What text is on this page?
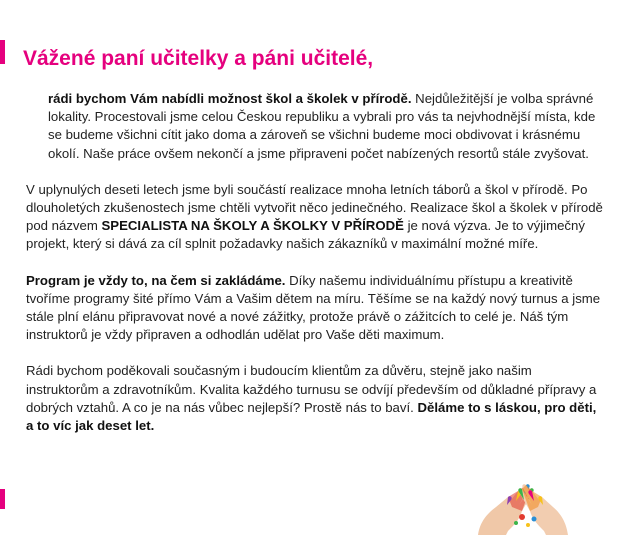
Vážené paní učitelky a páni učitelé,

rádi bychom Vám nabídli možnost škol a školek v přírodě. Nejdůležitější je volba správné lokality. Procestovali jsme celou Českou republiku a vybrali pro vás ta nejvhodnější místa, kde se budeme všichni cítit jako doma a zároveň se všichni budeme moci obdivovat i krásnému okolí. Naše práce ovšem nekončí a jsme připraveni počet nabízených resortů stále zvyšovat.

V uplynulých deseti letech jsme byli součástí realizace mnoha letních táborů a škol v přírodě. Po dlouholetých zkušenostech jsme chtěli vytvořit něco jedinečného. Realizace škol a školek v přírodě pod názvem SPECIALISTA NA ŠKOLY A ŠKOLKY V PŘÍRODĚ je nová výzva. Je to výjimečný projekt, který si dává za cíl splnit požadavky našich zákazníků v maximální možné míře.

Program je vždy to, na čem si zakládáme. Díky našemu individuálnímu přístupu a kreativitě tvoříme programy šité přímo Vám a Vašim dětem na míru. Těšíme se na každý nový turnus a jsme stále plní elánu připravovat nové a nové zážitky, protože právě o zážitcích to celé je. Náš tým instruktorů je vždy připraven a odhodlán udělat pro Vaše děti maximum.

Rádi bychom poděkovali současným i budoucím klientům za důvěru, stejně jako našim instruktorům a zdravotníkům. Kvalita každého turnusu se odvíjí především od důkladné přípravy a dobrých vztahů. A co je na nás vůbec nejlepší? Prostě nás to baví. Děláme to s láskou, pro děti, a to víc jak deset let.
